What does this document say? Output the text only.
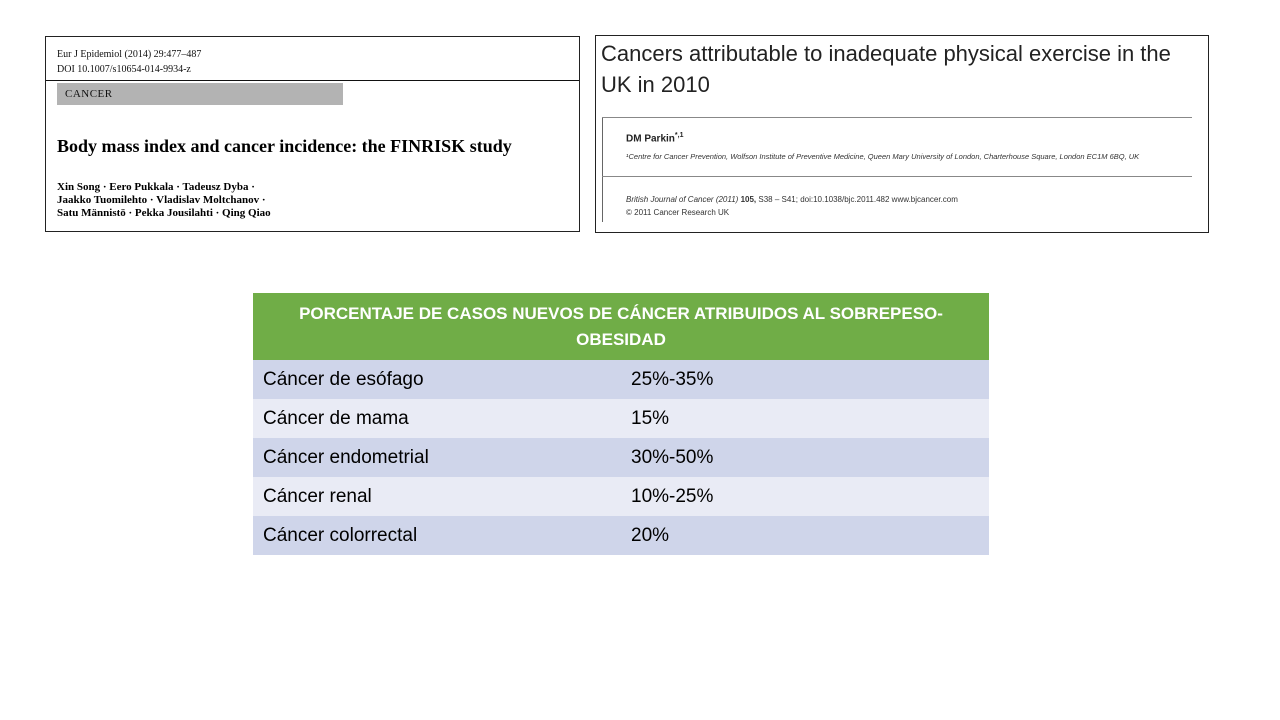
Eur J Epidemiol (2014) 29:477–487
DOI 10.1007/s10654-014-9934-z
CANCER
Body mass index and cancer incidence: the FINRISK study
Xin Song · Eero Pukkala · Tadeusz Dyba ·
Jaakko Tuomilehto · Vladislav Moltchanov ·
Satu Männistö · Pekka Jousilahti · Qing Qiao
Cancers attributable to inadequate physical exercise in the UK in 2010
DM Parkin$^{*,1}$
¹Centre for Cancer Prevention, Wolfson Institute of Preventive Medicine, Queen Mary University of London, Charterhouse Square, London EC1M 6BQ, UK
British Journal of Cancer (2011) 105, S38 – S41; doi:10.1038/bjc.2011.482 www.bjcancer.com
© 2011 Cancer Research UK
PORCENTAJE DE CASOS NUEVOS DE CÁNCER ATRIBUIDOS AL SOBREPESO-OBESIDAD	
Cáncer de esófago	25%-35%
Cáncer de mama	15%
Cáncer endometrial	30%-50%
Cáncer renal	10%-25%
Cáncer colorrectal	20%
